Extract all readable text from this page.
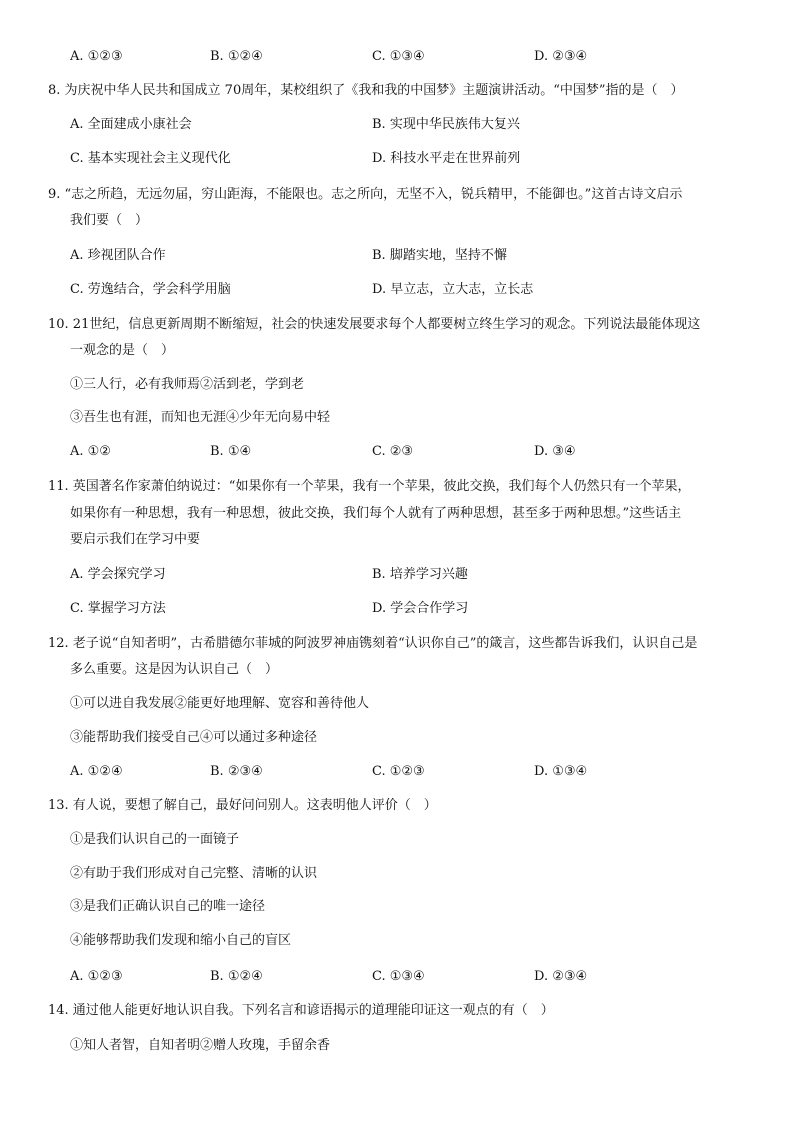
A. ①②③	B. ①②④	C. ①③④	D. ②③④
8. 为庆祝中华人民共和国成立 70周年，某校组织了《我和我的中国梦》主题演讲活动。“中国梦”指的是（　）
A. 全面建成小康社会	B. 实现中华民族伟大复兴
C. 基本实现社会主义现代化	D. 科技水平走在世界前列
9. “志之所趋，无远勿届，穷山距海，不能限也。志之所向，无坚不入，锐兵精甲，不能御也。”这首古诗文启示
我们要（　）
A. 珍视团队合作	B. 脚踏实地，坚持不懈
C. 劳逸结合，学会科学用脑	D. 早立志，立大志，立长志
10. 21世纪，信息更新周期不断缩短，社会的快速发展要求每个人都要树立终生学习的观念。下列说法最能体现这
一观念的是（　）
①三人行，必有我师焉②活到老，学到老
③吾生也有涯，而知也无涯④少年无向易中轻
A. ①②	B. ①④	C. ②③	D. ③④
11. 英国著名作家萧伯纳说过：“如果你有一个苹果，我有一个苹果，彼此交换，我们每个人仍然只有一个苹果，
如果你有一种思想，我有一种思想，彼此交换，我们每个人就有了两种思想，甚至多于两种思想。”这些话主
要启示我们在学习中要
A. 学会探究学习	B. 培养学习兴趣
C. 掌握学习方法	D. 学会合作学习
12. 老子说“自知者明”，古希腊德尔菲城的阿波罗神庙镌刻着“认识你自己”的箴言，这些都告诉我们，认识自己是
多么重要。这是因为认识自己（　）
①可以进自我发展②能更好地理解、宽容和善待他人
③能帮助我们接受自己④可以通过多种途径
A. ①②④	B. ②③④	C. ①②③	D. ①③④
13. 有人说，要想了解自己，最好问问别人。这表明他人评价（　）
①是我们认识自己的一面镜子
②有助于我们形成对自己完整、清晰的认识
③是我们正确认识自己的唯一途径
④能够帮助我们发现和缩小自己的盲区
A. ①②③	B. ①②④	C. ①③④	D. ②③④
14. 通过他人能更好地认识自我。下列名言和谚语揭示的道理能印证这一观点的有（　）
①知人者智，自知者明②赠人玫瑰，手留余香
